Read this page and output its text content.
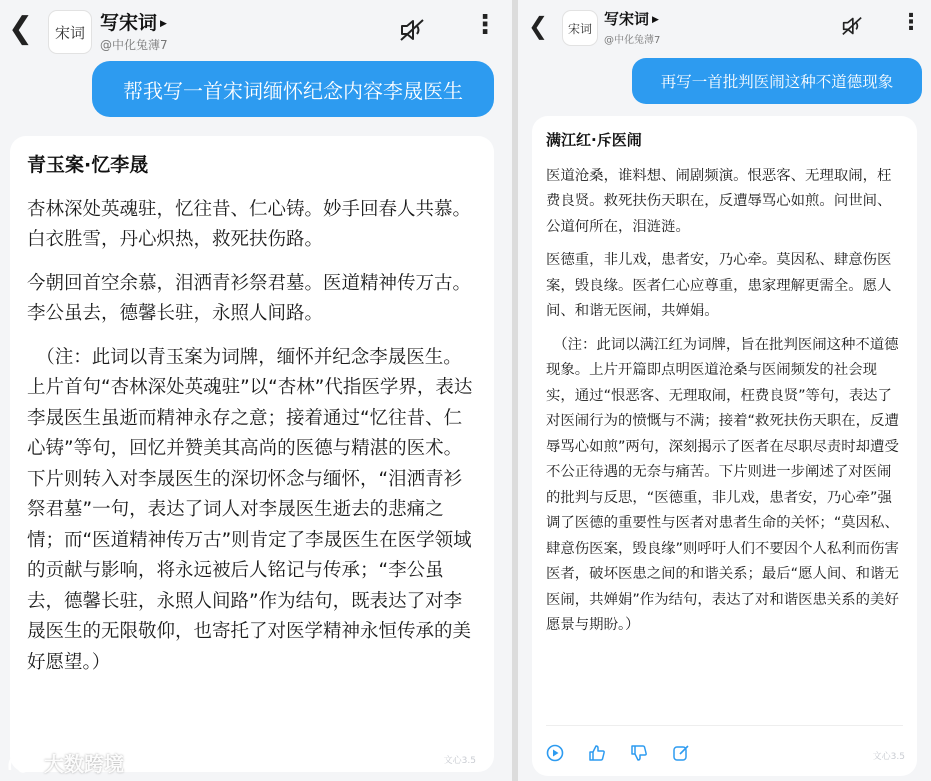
❮	宋词 写宋词 ▶
@中化兔薄7
⋮
帮我写一首宋词缅怀纪念内容李晟医生

青玉案·忆李晟

杏林深处英魂驻，忆往昔、仁心铸。妙手回春人共慕。白衣胜雪，丹心炽热，救死扶伤路。

今朝回首空余慕，泪洒青衫祭君墓。医道精神传万古。李公虽去，德馨长驻，永照人间路。

（注：此词以青玉案为词牌，缅怀并纪念李晟医生。上片首句“杏林深处英魂驻”以“杏林”代指医学界，表达李晟医生虽逝而精神永存之意；接着通过“忆往昔、仁心铸”等句，回忆并赞美其高尚的医德与精湛的医术。下片则转入对李晟医生的深切怀念与缅怀，“泪洒青衫祭君墓”一句，表达了词人对李晟医生逝去的悲痛之情；而“医道精神传万古”则肯定了李晟医生在医学领域的贡献与影响，将永远被后人铭记与传承；“李公虽去，德馨长驻，永照人间路”作为结句，既表达了对李晟医生的无限敬仰，也寄托了对医学精神永恒传承的美好愿望。）

文心3.5
❮	宋词
写宋词 ▶
@中化兔薄7
⋮
再写一首批判医闹这种不道德现象

满江红·斥医闹

医道沧桑，谁料想、闹剧频演。恨恶客、无理取闹，枉费良贤。救死扶伤天职在，反遭辱骂心如煎。问世间、公道何所在，泪涟涟。

医德重，非儿戏，患者安，乃心牵。莫因私、肆意伤医案，毁良缘。医者仁心应尊重，患家理解更需全。愿人间、和谐无医闹，共婵娟。

（注：此词以满江红为词牌，旨在批判医闹这种不道德现象。上片开篇即点明医道沧桑与医闹频发的社会现实，通过“恨恶客、无理取闹，枉费良贤”等句，表达了对医闹行为的愤慨与不满；接着“救死扶伤天职在，反遭辱骂心如煎”两句，深刻揭示了医者在尽职尽责时却遭受不公正待遇的无奈与痛苦。下片则进一步阐述了对医闹的批判与反思，“医德重，非儿戏，患者安，乃心牵”强调了医德的重要性与医者对患者生命的关怀；“莫因私、肆意伤医案，毁良缘”则呼吁人们不要因个人私利而伤害医者，破坏医患之间的和谐关系；最后“愿人间、和谐无医闹，共婵娟”作为结句，表达了对和谐医患关系的美好愿景与期盼。）

文心3.5
大数跨境
